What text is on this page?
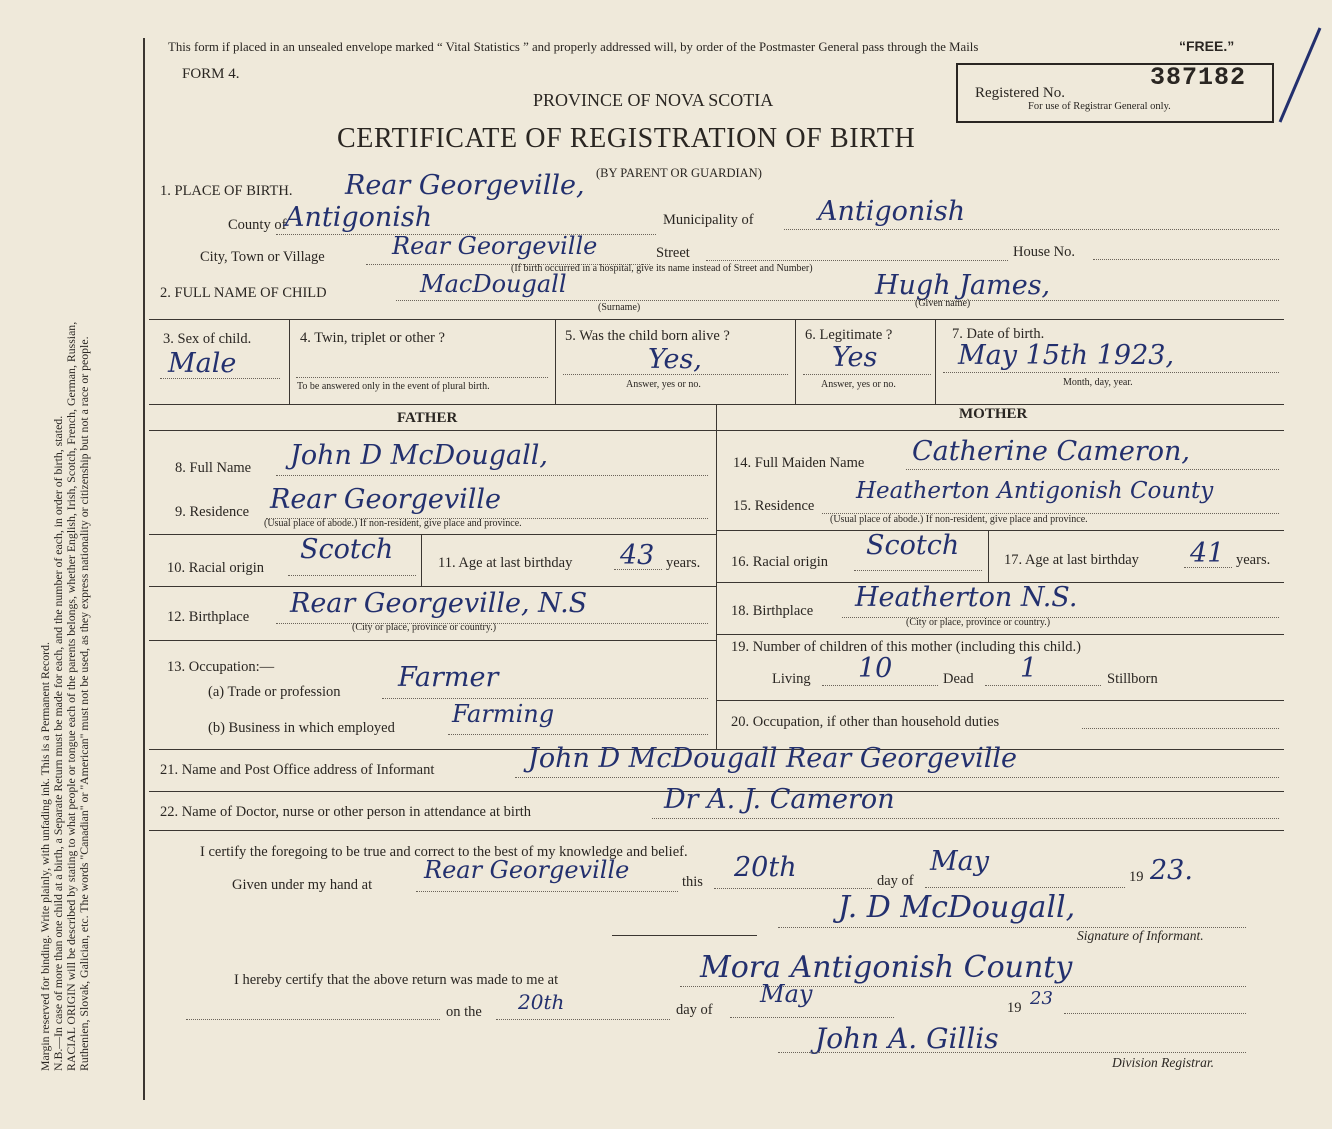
Margin reserved for binding. Write plainly, with unfading ink. This is a Permanent Record. N.B.—In case of more than one child at a birth, a Separate Return must be made for each, and the number of each, in order of birth, stated. RACIAL ORIGIN will be described by stating to what people or tongue each of the parents belongs, whether English, Irish, Scotch, French, German, Russian, Ruthenien, Slovak, Galician, etc. The words "Canadian" or "American" must not be used, as they express nationality or citizenship but not a race or people.
This form if placed in an unsealed envelope marked “ Vital Statistics ” and properly addressed will, by order of the Postmaster General pass through the Mails	“FREE.”
FORM 4.
PROVINCE OF NOVA SCOTIA
CERTIFICATE OF REGISTRATION OF BIRTH
(BY PARENT OR GUARDIAN)
Registered No.
387182
For use of Registrar General only.
1. PLACE OF BIRTH. Rear Georgeville,
County of
Antigonish	Municipality of Antigonish
City, Town or Village	Rear Georgeville	Street	House No.
(If birth occurred in a hospital, give its name instead of Street and Number)
2. FULL NAME OF CHILD	MacDougall	Hugh James,
(Surname)	(Given name)
3. Sex of child.
Male
4. Twin, triplet or other ?
To be answered only in the event of plural birth.
5. Was the child born alive ?
Yes,
Answer, yes or no.
6. Legitimate ?
Yes
Answer, yes or no.
7. Date of birth.
May 15th 1923,
Month, day, year.
FATHER	MOTHER
8. Full Name John D McDougall,
9. Residence Rear Georgeville
(Usual place of abode.) If non-resident, give place and province.
10. Racial origin
Scotch	11. Age at last birthday 43 years.
12. Birthplace Rear Georgeville, N.S
(City or place, province or country.)
13. Occupation:—
(a) Trade or profession Farmer
(b) Business in which employed Farming
14. Full Maiden Name Catherine Cameron,
15. Residence
Heatherton Antigonish County
(Usual place of abode.) If non-resident, give place and province.
16. Racial origin
Scotch	17. Age at last birthday 41 years.
18. Birthplace Heatherton N.S.
(City or place, province or country.)
19. Number of children of this mother (including this child.)
Living 10	Dead 1	Stillborn
20. Occupation, if other than household duties
21. Name and Post Office address of Informant	John D McDougall Rear Georgeville
22. Name of Doctor, nurse or other person in attendance at birth	Dr A. J. Cameron
I certify the foregoing to be true and correct to the best of my knowledge and belief.
Given under my hand at
Rear Georgeville	this 20th	day of
May	19 23.
J. D McDougall,
Signature of Informant.
I hereby certify that the above return was made to me at	Mora Antigonish County
on the 20th	day of
May	19 23
John A. Gillis
Division Registrar.
